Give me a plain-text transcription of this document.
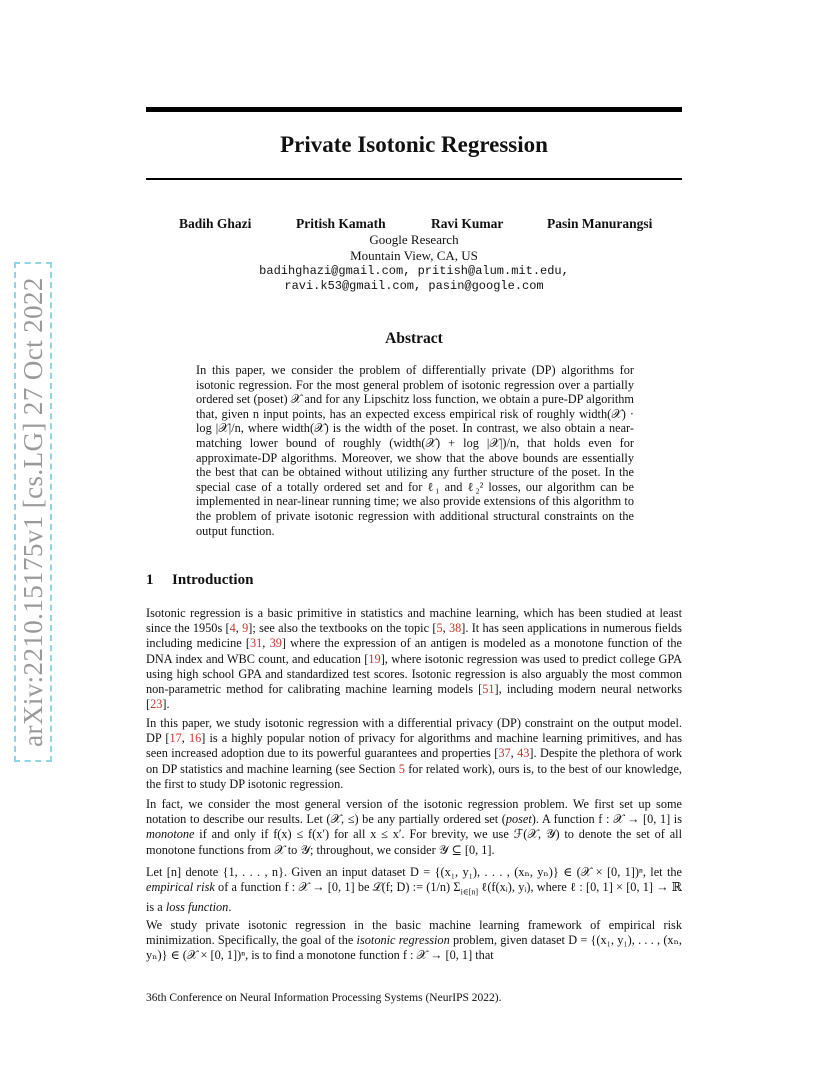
arXiv:2210.15175v1 [cs.LG] 27 Oct 2022
Private Isotonic Regression
Badih Ghazi	Pritish Kamath	Ravi Kumar	Pasin Manurangsi
Google Research
Mountain View, CA, US
badihghazi@gmail.com, pritish@alum.mit.edu,
ravi.k53@gmail.com, pasin@google.com
Abstract
In this paper, we consider the problem of differentially private (DP) algorithms for isotonic regression. For the most general problem of isotonic regression over a partially ordered set (poset) 𝒳 and for any Lipschitz loss function, we obtain a pure-DP algorithm that, given n input points, has an expected excess empirical risk of roughly width(𝒳) · log |𝒳|/n, where width(𝒳) is the width of the poset. In contrast, we also obtain a near-matching lower bound of roughly (width(𝒳) + log |𝒳|)/n, that holds even for approximate-DP algorithms. Moreover, we show that the above bounds are essentially the best that can be obtained without utilizing any further structure of the poset. In the special case of a totally ordered set and for ℓ₁ and ℓ₂² losses, our algorithm can be implemented in near-linear running time; we also provide extensions of this algorithm to the problem of private isotonic regression with additional structural constraints on the output function.
1 Introduction
Isotonic regression is a basic primitive in statistics and machine learning, which has been studied at least since the 1950s [4, 9]; see also the textbooks on the topic [5, 38]. It has seen applications in numerous fields including medicine [31, 39] where the expression of an antigen is modeled as a monotone function of the DNA index and WBC count, and education [19], where isotonic regression was used to predict college GPA using high school GPA and standardized test scores. Isotonic regression is also arguably the most common non-parametric method for calibrating machine learning models [51], including modern neural networks [23].
In this paper, we study isotonic regression with a differential privacy (DP) constraint on the output model. DP [17, 16] is a highly popular notion of privacy for algorithms and machine learning primitives, and has seen increased adoption due to its powerful guarantees and properties [37, 43]. Despite the plethora of work on DP statistics and machine learning (see Section 5 for related work), ours is, to the best of our knowledge, the first to study DP isotonic regression.
In fact, we consider the most general version of the isotonic regression problem. We first set up some notation to describe our results. Let (𝒳, ≤) be any partially ordered set (poset). A function f : 𝒳 → [0, 1] is monotone if and only if f(x) ≤ f(x′) for all x ≤ x′. For brevity, we use ℱ(𝒳, 𝒴) to denote the set of all monotone functions from 𝒳 to 𝒴; throughout, we consider 𝒴 ⊆ [0, 1].
Let [n] denote {1, . . . , n}. Given an input dataset D = {(x₁, y₁), . . . , (xₙ, yₙ)} ∈ (𝒳 × [0, 1])ⁿ, let the empirical risk of a function f : 𝒳 → [0, 1] be ℒ(f; D) := (1/n) $\Sigma_{i\in[n]}$ ℓ(f(xᵢ), yᵢ), where ℓ : [0, 1] × [0, 1] → ℝ is a loss function.
We study private isotonic regression in the basic machine learning framework of empirical risk minimization. Specifically, the goal of the isotonic regression problem, given dataset D = {(x₁, y₁), . . . , (xₙ, yₙ)} ∈ (𝒳 × [0, 1])ⁿ, is to find a monotone function f : 𝒳 → [0, 1] that
36th Conference on Neural Information Processing Systems (NeurIPS 2022).
